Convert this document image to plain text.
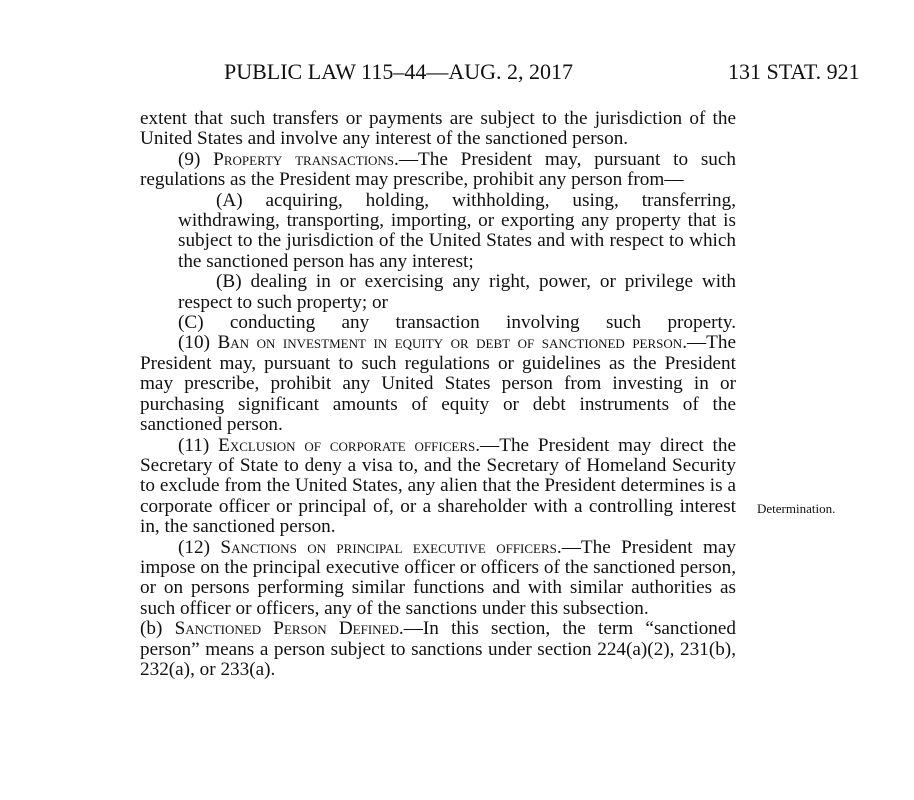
PUBLIC LAW 115–44—AUG. 2, 2017	131 STAT. 921

extent that such transfers or payments are subject to the jurisdiction of the United States and involve any interest of the sanctioned person.

(9) Property transactions.—The President may, pursuant to such regulations as the President may prescribe, prohibit any person from—

(A) acquiring, holding, withholding, using, transferring, withdrawing, transporting, importing, or exporting any property that is subject to the jurisdiction of the United States and with respect to which the sanctioned person has any interest;

(B) dealing in or exercising any right, power, or privilege with respect to such property; or

(C) conducting any transaction involving such property.

(10) Ban on investment in equity or debt of sanctioned person.—The President may, pursuant to such regulations or guidelines as the President may prescribe, prohibit any United States person from investing in or purchasing significant amounts of equity or debt instruments of the sanctioned person.

(11) Exclusion of corporate officers.—The President may direct the Secretary of State to deny a visa to, and the Secretary of Homeland Security to exclude from the United States, any alien that the President determines is a corporate officer or principal of, or a shareholder with a controlling interest in, the sanctioned person.

(12) Sanctions on principal executive officers.—The President may impose on the principal executive officer or officers of the sanctioned person, or on persons performing similar functions and with similar authorities as such officer or officers, any of the sanctions under this subsection.

(b) Sanctioned Person Defined.—In this section, the term “sanctioned person” means a person subject to sanctions under section 224(a)(2), 231(b), 232(a), or 233(a).

Determination.
